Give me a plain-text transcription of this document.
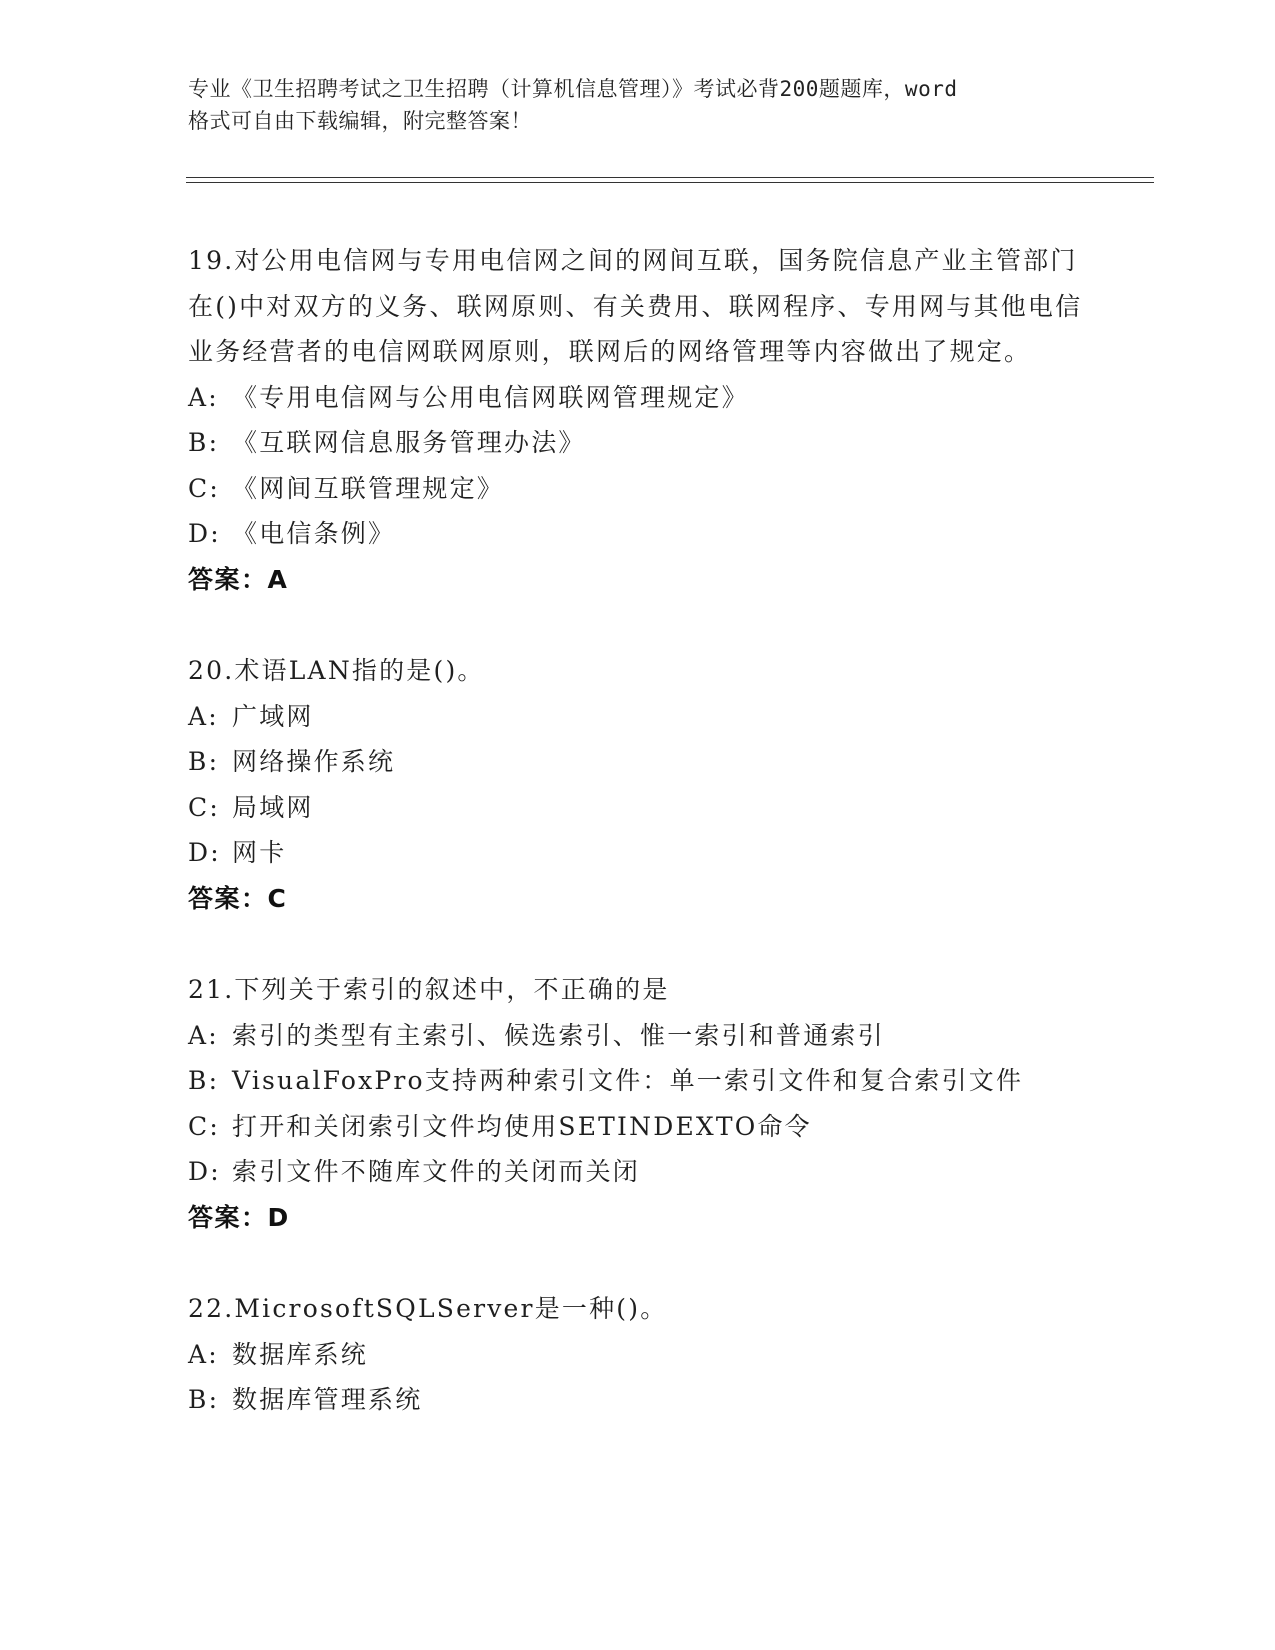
专业《卫生招聘考试之卫生招聘（计算机信息管理）》考试必背200题题库，word
格式可自由下载编辑，附完整答案！

19.对公用电信网与专用电信网之间的网间互联，国务院信息产业主管部门在()中对双方的义务、联网原则、有关费用、联网程序、专用网与其他电信业务经营者的电信网联网原则，联网后的网络管理等内容做出了规定。

A: 《专用电信网与公用电信网联网管理规定》

B: 《互联网信息服务管理办法》

C: 《网间互联管理规定》

D: 《电信条例》

答案：A

20.术语LAN指的是()。

A: 广域网

B: 网络操作系统

C: 局域网

D: 网卡

答案：C

21.下列关于索引的叙述中，不正确的是

A: 索引的类型有主索引、候选索引、惟一索引和普通索引

B: VisualFoxPro支持两种索引文件：单一索引文件和复合索引文件

C: 打开和关闭索引文件均使用SETINDEXTO命令

D: 索引文件不随库文件的关闭而关闭

答案：D

22.MicrosoftSQLServer是一种()。

A: 数据库系统

B: 数据库管理系统
